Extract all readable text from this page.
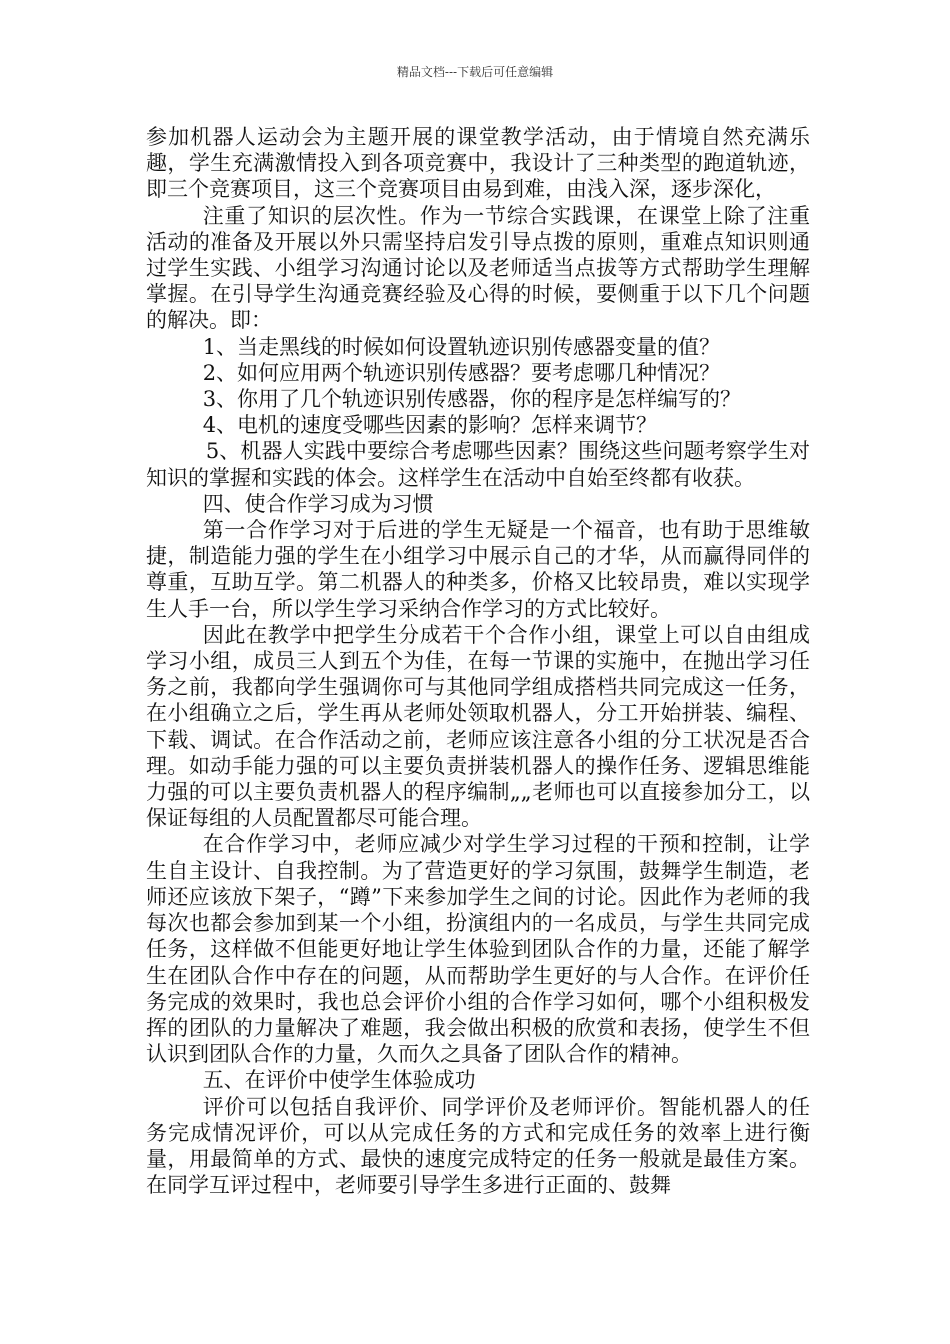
精品文档---下载后可任意编辑

参加机器人运动会为主题开展的课堂教学活动，由于情境自然充满乐趣，学生充满激情投入到各项竞赛中，我设计了三种类型的跑道轨迹，即三个竞赛项目，这三个竞赛项目由易到难，由浅入深，逐步深化，

注重了知识的层次性。作为一节综合实践课，在课堂上除了注重活动的准备及开展以外只需坚持启发引导点拨的原则，重难点知识则通过学生实践、小组学习沟通讨论以及老师适当点拔等方式帮助学生理解掌握。在引导学生沟通竞赛经验及心得的时候，要侧重于以下几个问题的解决。即：

1、当走黑线的时候如何设置轨迹识别传感器变量的值？

2、如何应用两个轨迹识别传感器？要考虑哪几种情况？

3、你用了几个轨迹识别传感器，你的程序是怎样编写的？

4、电机的速度受哪些因素的影响？怎样来调节？

5、机器人实践中要综合考虑哪些因素？围绕这些问题考察学生对知识的掌握和实践的体会。这样学生在活动中自始至终都有收获。

四、使合作学习成为习惯

第一合作学习对于后进的学生无疑是一个福音，也有助于思维敏捷，制造能力强的学生在小组学习中展示自己的才华，从而赢得同伴的尊重，互助互学。第二机器人的种类多，价格又比较昂贵，难以实现学生人手一台，所以学生学习采纳合作学习的方式比较好。

因此在教学中把学生分成若干个合作小组，课堂上可以自由组成学习小组，成员三人到五个为佳，在每一节课的实施中，在抛出学习任务之前，我都向学生强调你可与其他同学组成搭档共同完成这一任务，在小组确立之后，学生再从老师处领取机器人，分工开始拼装、编程、下载、调试。在合作活动之前，老师应该注意各小组的分工状况是否合理。如动手能力强的可以主要负责拼装机器人的操作任务、逻辑思维能力强的可以主要负责机器人的程序编制„„老师也可以直接参加分工，以保证每组的人员配置都尽可能合理。

在合作学习中，老师应减少对学生学习过程的干预和控制，让学生自主设计、自我控制。为了营造更好的学习氛围，鼓舞学生制造，老师还应该放下架子，“蹲”下来参加学生之间的讨论。因此作为老师的我每次也都会参加到某一个小组，扮演组内的一名成员，与学生共同完成任务，这样做不但能更好地让学生体验到团队合作的力量，还能了解学生在团队合作中存在的问题，从而帮助学生更好的与人合作。在评价任务完成的效果时，我也总会评价小组的合作学习如何，哪个小组积极发挥的团队的力量解决了难题，我会做出积极的欣赏和表扬，使学生不但认识到团队合作的力量，久而久之具备了团队合作的精神。

五、在评价中使学生体验成功

评价可以包括自我评价、同学评价及老师评价。智能机器人的任务完成情况评价，可以从完成任务的方式和完成任务的效率上进行衡量，用最简单的方式、最快的速度完成特定的任务一般就是最佳方案。在同学互评过程中，老师要引导学生多进行正面的、鼓舞
